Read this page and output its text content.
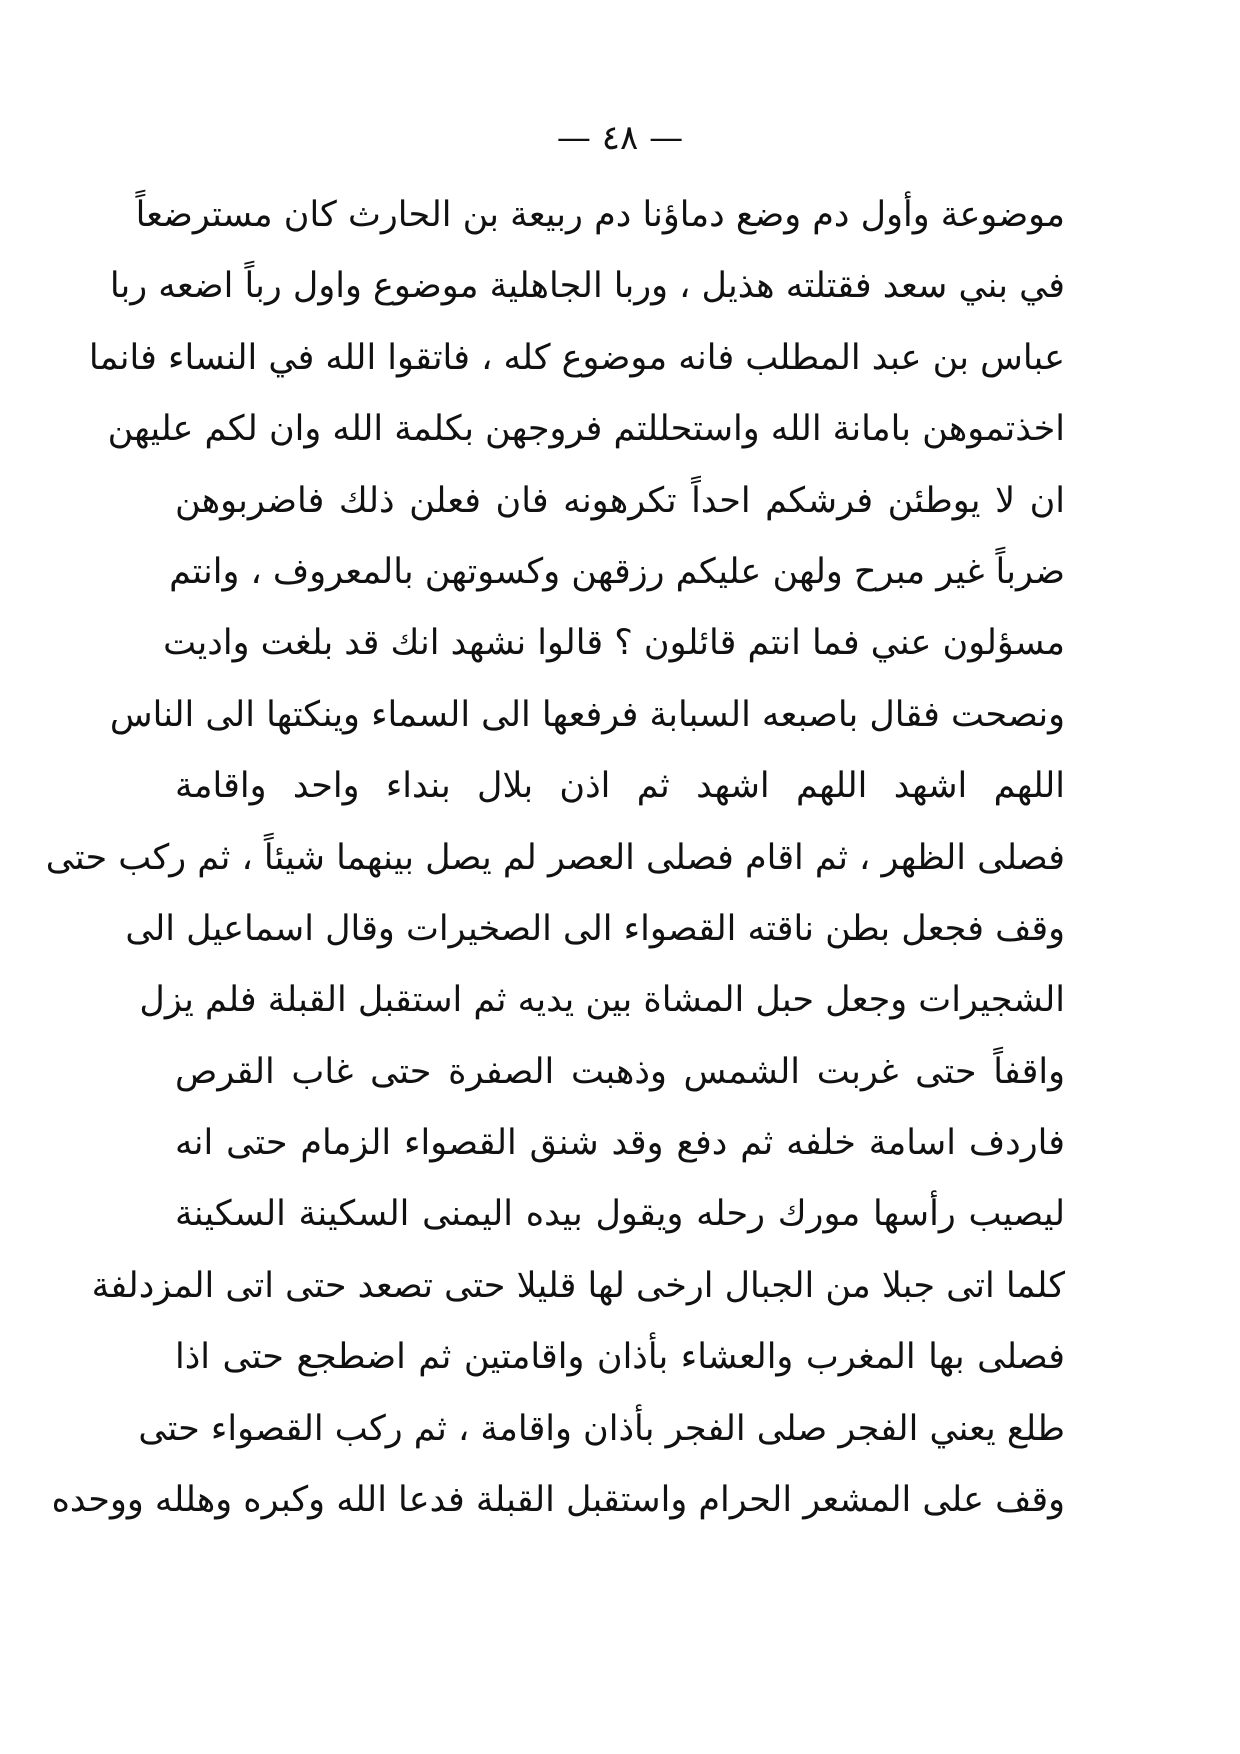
— ٤٨ —
موضوعة وأول دم وضع دماؤنا دم ربيعة بن الحارث كان مسترضعاً
في بني سعد فقتلته هذيل ، وربا الجاهلية موضوع واول رباً اضعه ربا
عباس بن عبد المطلب فانه موضوع كله ، فاتقوا الله في النساء فانما
اخذتموهن بامانة الله واستحللتم فروجهن بكلمة الله وان لكم عليهن
ان لا يوطئن فرشكم احداً تكرهونه فان فعلن ذلك فاضربوهن
ضرباً غير مبرح ولهن عليكم رزقهن وكسوتهن بالمعروف ، وانتم
مسؤلون عني فما انتم قائلون ؟ قالوا نشهد انك قد بلغت واديت
ونصحت فقال باصبعه السبابة فرفعها الى السماء وينكتها الى الناس
اللهم اشهد اللهم اشهد ثم اذن بلال بنداء واحد واقامة
فصلى الظهر ، ثم اقام فصلى العصر لم يصل بينهما شيئاً ، ثم ركب حتى
وقف فجعل بطن ناقته القصواء الى الصخيرات وقال اسماعيل الى
الشجيرات وجعل حبل المشاة بين يديه ثم استقبل القبلة فلم يزل
واقفاً حتى غربت الشمس وذهبت الصفرة حتى غاب القرص
فاردف اسامة خلفه ثم دفع وقد شنق القصواء الزمام حتى انه
ليصيب رأسها مورك رحله ويقول بيده اليمنى السكينة السكينة
كلما اتى جبلا من الجبال ارخى لها قليلا حتى تصعد حتى اتى المزدلفة
فصلى بها المغرب والعشاء بأذان واقامتين ثم اضطجع حتى اذا
طلع يعني الفجر صلى الفجر بأذان واقامة ، ثم ركب القصواء حتى
وقف على المشعر الحرام واستقبل القبلة فدعا الله وكبره وهلله ووحده
